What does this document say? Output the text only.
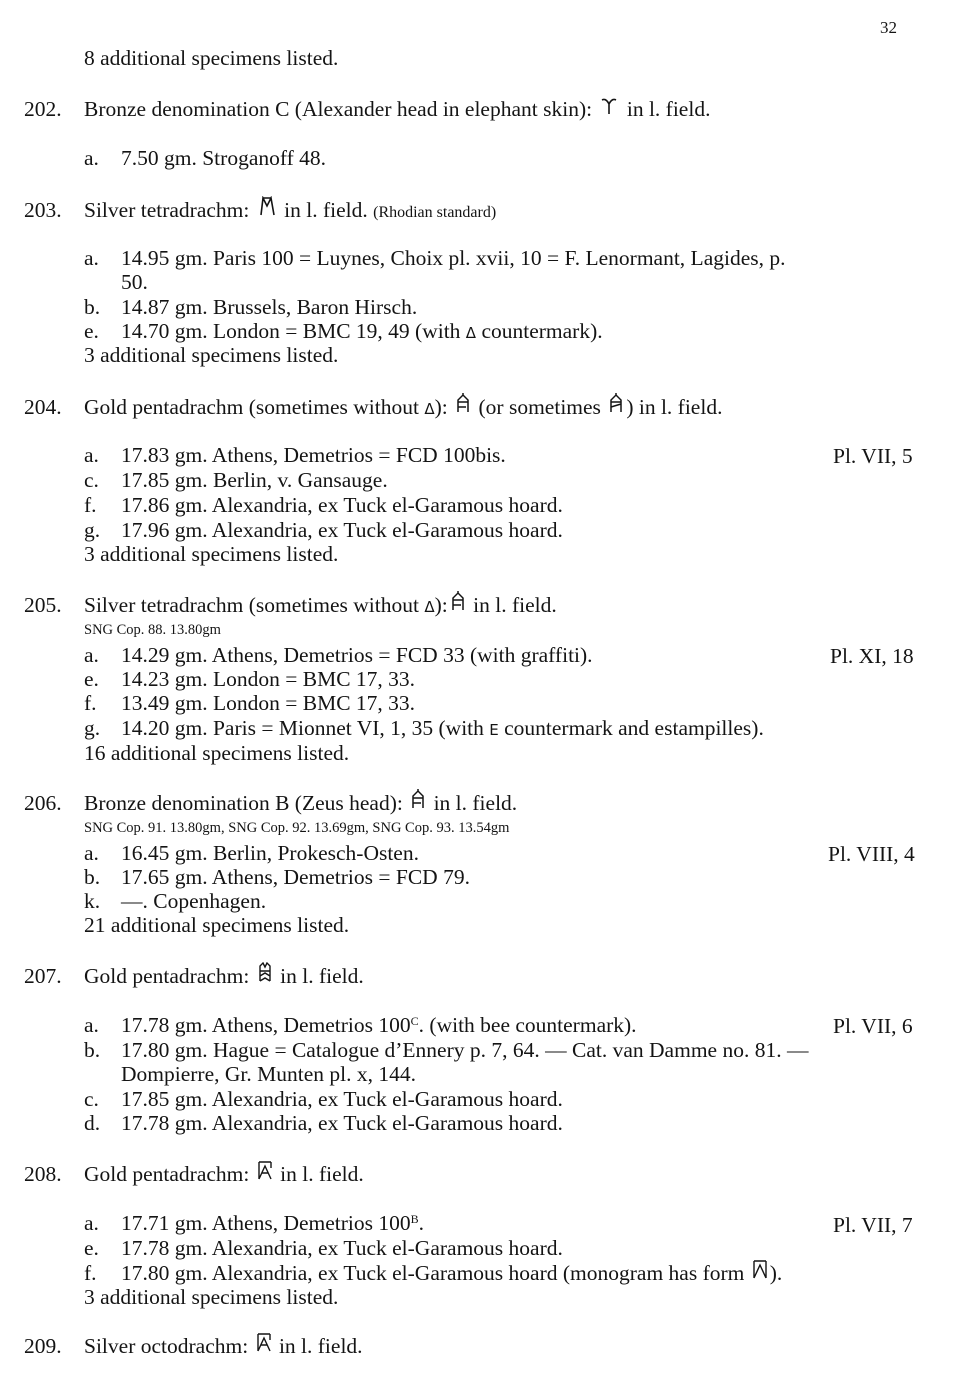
32
8 additional specimens listed.
202. Bronze denomination C (Alexander head in elephant skin): in l. field.
a. 7.50 gm. Stroganoff 48.
203. Silver tetradrachm: in l. field. (Rhodian standard)
a. 14.95 gm. Paris 100 = Luynes, Choix pl. xvii, 10 = F. Lenormant, Lagides, p.
50.
b. 14.87 gm. Brussels, Baron Hirsch.
e. 14.70 gm. London = BMC 19, 49 (with Δ countermark).
3 additional specimens listed.
204. Gold pentadrachm (sometimes without Δ): (or sometimes ) in l. field.
a. 17.83 gm. Athens, Demetrios = FCD 100bis.	Pl. VII, 5
c. 17.85 gm. Berlin, v. Gansauge.
f. 17.86 gm. Alexandria, ex Tuck el-Garamous hoard.
g. 17.96 gm. Alexandria, ex Tuck el-Garamous hoard.
3 additional specimens listed.
205. Silver tetradrachm (sometimes without Δ): in l. field.
SNG Cop. 88. 13.80gm
a. 14.29 gm. Athens, Demetrios = FCD 33 (with graffiti).	Pl. XI, 18
e. 14.23 gm. London = BMC 17, 33.
f. 13.49 gm. London = BMC 17, 33.
g. 14.20 gm. Paris = Mionnet VI, 1, 35 (with E countermark and estampilles).
16 additional specimens listed.
206. Bronze denomination B (Zeus head): in l. field.
SNG Cop. 91. 13.80gm, SNG Cop. 92. 13.69gm, SNG Cop. 93. 13.54gm
a. 16.45 gm. Berlin, Prokesch-Osten.	Pl. VIII, 4
b. 17.65 gm. Athens, Demetrios = FCD 79.
k. —. Copenhagen.
21 additional specimens listed.
207. Gold pentadrachm: in l. field.
a. 17.78 gm. Athens, Demetrios $100^C$. (with bee countermark).	Pl. VII, 6
b. 17.80 gm. Hague = Catalogue d’Ennery p. 7, 64. — Cat. van Damme no. 81. —
Dompierre, Gr. Munten pl. x, 144.
c. 17.85 gm. Alexandria, ex Tuck el-Garamous hoard.
d. 17.78 gm. Alexandria, ex Tuck el-Garamous hoard.
208. Gold pentadrachm: in l. field.
a. 17.71 gm. Athens, Demetrios $100^B$.	Pl. VII, 7
e. 17.78 gm. Alexandria, ex Tuck el-Garamous hoard.
f. 17.80 gm. Alexandria, ex Tuck el-Garamous hoard (monogram has form ).
3 additional specimens listed.
209. Silver octodrachm: in l. field.
